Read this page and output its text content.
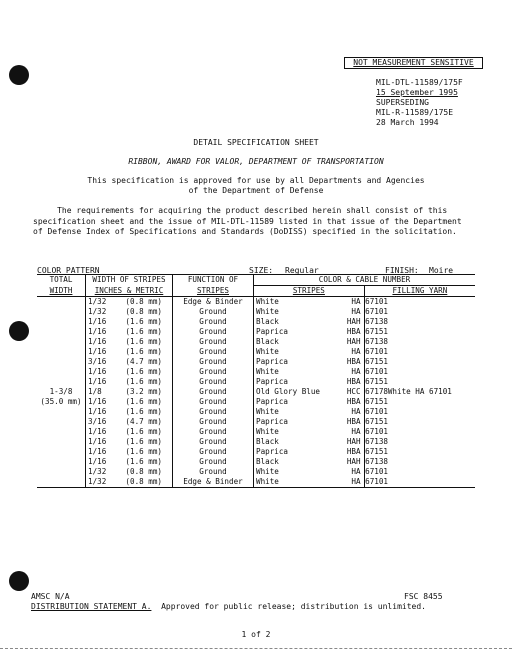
NOT MEASUREMENT SENSITIVE
MIL-DTL-11589/175F
15 September 1995
SUPERSEDING
MIL-R-11589/175E
28 March 1994
DETAIL SPECIFICATION SHEET
RIBBON, AWARD FOR VALOR, DEPARTMENT OF TRANSPORTATION
This specification is approved for use by all Departments and Agencies
of the Department of Defense
The requirements for acquiring the product described herein shall consist of this specification sheet and the issue of MIL-DTL-11589 listed in that issue of the Department of Defense Index of Specifications and Standards (DoDISS) specified in the solicitation.
COLOR PATTERN	SIZE: Regular	FINISH: Moire
TOTAL	WIDTH OF STRIPES	FUNCTION OF	COLOR & CABLE NUMBER	
WIDTH	INCHES & METRIC	STRIPES	STRIPES	FILLING YARN
	1/32 (0.8 mm)	Edge & Binder	White HA 67101	
	1/32 (0.8 mm)	Ground	White HA 67101	
	1/16 (1.6 mm)	Ground	Black HAH 67138	
	1/16 (1.6 mm)	Ground	Paprica HBA 67151	
	1/16 (1.6 mm)	Ground	Black HAH 67138	
	1/16 (1.6 mm)	Ground	White HA 67101	
	3/16 (4.7 mm)	Ground	Paprica HBA 67151	
	1/16 (1.6 mm)	Ground	White HA 67101	
	1/16 (1.6 mm)	Ground	Paprica HBA 67151	
1-3/8	1/8 (3.2 mm)	Ground	Old Glory Blue HCC 67178	White HA 67101
(35.0 mm)	1/16 (1.6 mm)	Ground	Paprica HBA 67151	
	1/16 (1.6 mm)	Ground	White HA 67101	
	3/16 (4.7 mm)	Ground	Paprica HBA 67151	
	1/16 (1.6 mm)	Ground	White HA 67101	
	1/16 (1.6 mm)	Ground	Black HAH 67138	
	1/16 (1.6 mm)	Ground	Paprica HBA 67151	
	1/16 (1.6 mm)	Ground	Black HAH 67138	
	1/32 (0.8 mm)	Ground	White HA 67101	
	1/32 (0.8 mm)	Edge & Binder	White HA 67101	
AMSC N/A	FSC 8455
DISTRIBUTION STATEMENT A. Approved for public release; distribution is unlimited.
1 of 2
